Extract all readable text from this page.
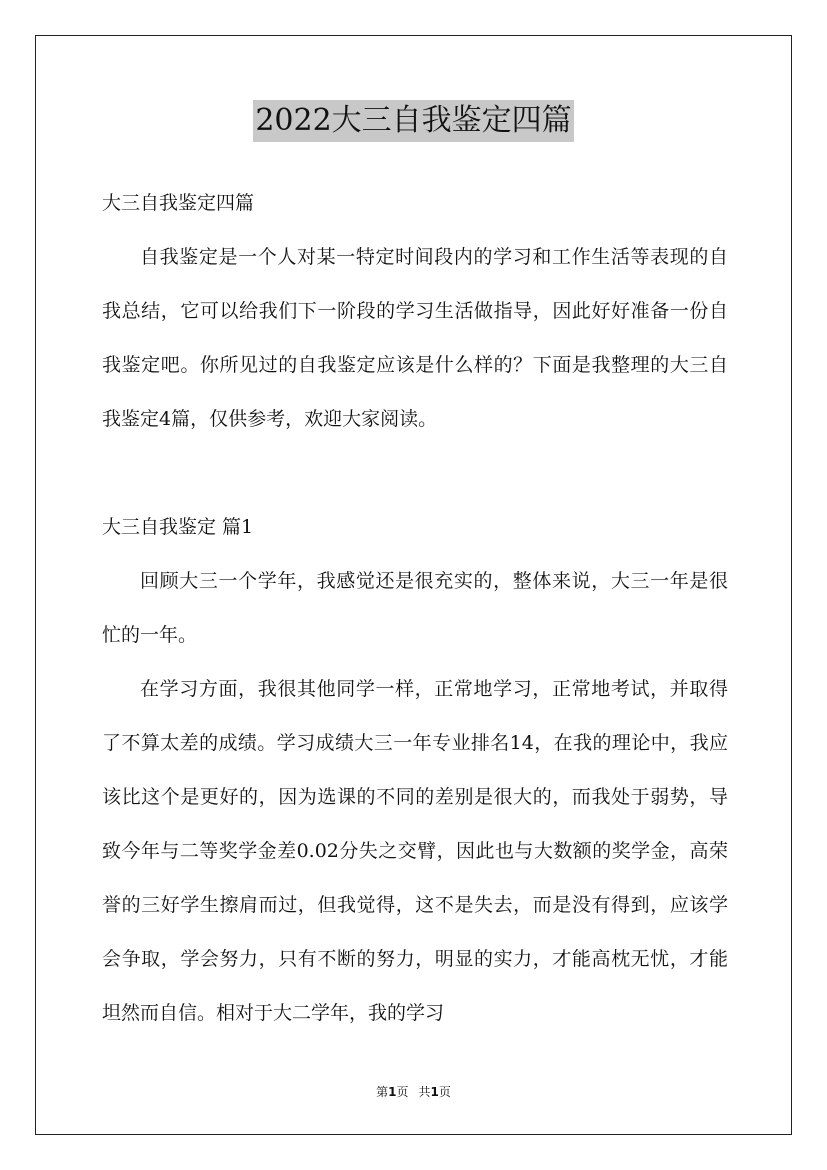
2022大三自我鉴定四篇

大三自我鉴定四篇

自我鉴定是一个人对某一特定时间段内的学习和工作生活等表现的自我总结，它可以给我们下一阶段的学习生活做指导，因此好好准备一份自我鉴定吧。你所见过的自我鉴定应该是什么样的？下面是我整理的大三自我鉴定4篇，仅供参考，欢迎大家阅读。

大三自我鉴定 篇1

回顾大三一个学年，我感觉还是很充实的，整体来说，大三一年是很忙的一年。

在学习方面，我很其他同学一样，正常地学习，正常地考试，并取得了不算太差的成绩。学习成绩大三一年专业排名14，在我的理论中，我应该比这个是更好的，因为选课的不同的差别是很大的，而我处于弱势，导致今年与二等奖学金差0.02分失之交臂，因此也与大数额的奖学金，高荣誉的三好学生擦肩而过，但我觉得，这不是失去，而是没有得到，应该学会争取，学会努力，只有不断的努力，明显的实力，才能高枕无忧，才能坦然而自信。相对于大二学年，我的学习

第1页 共1页
